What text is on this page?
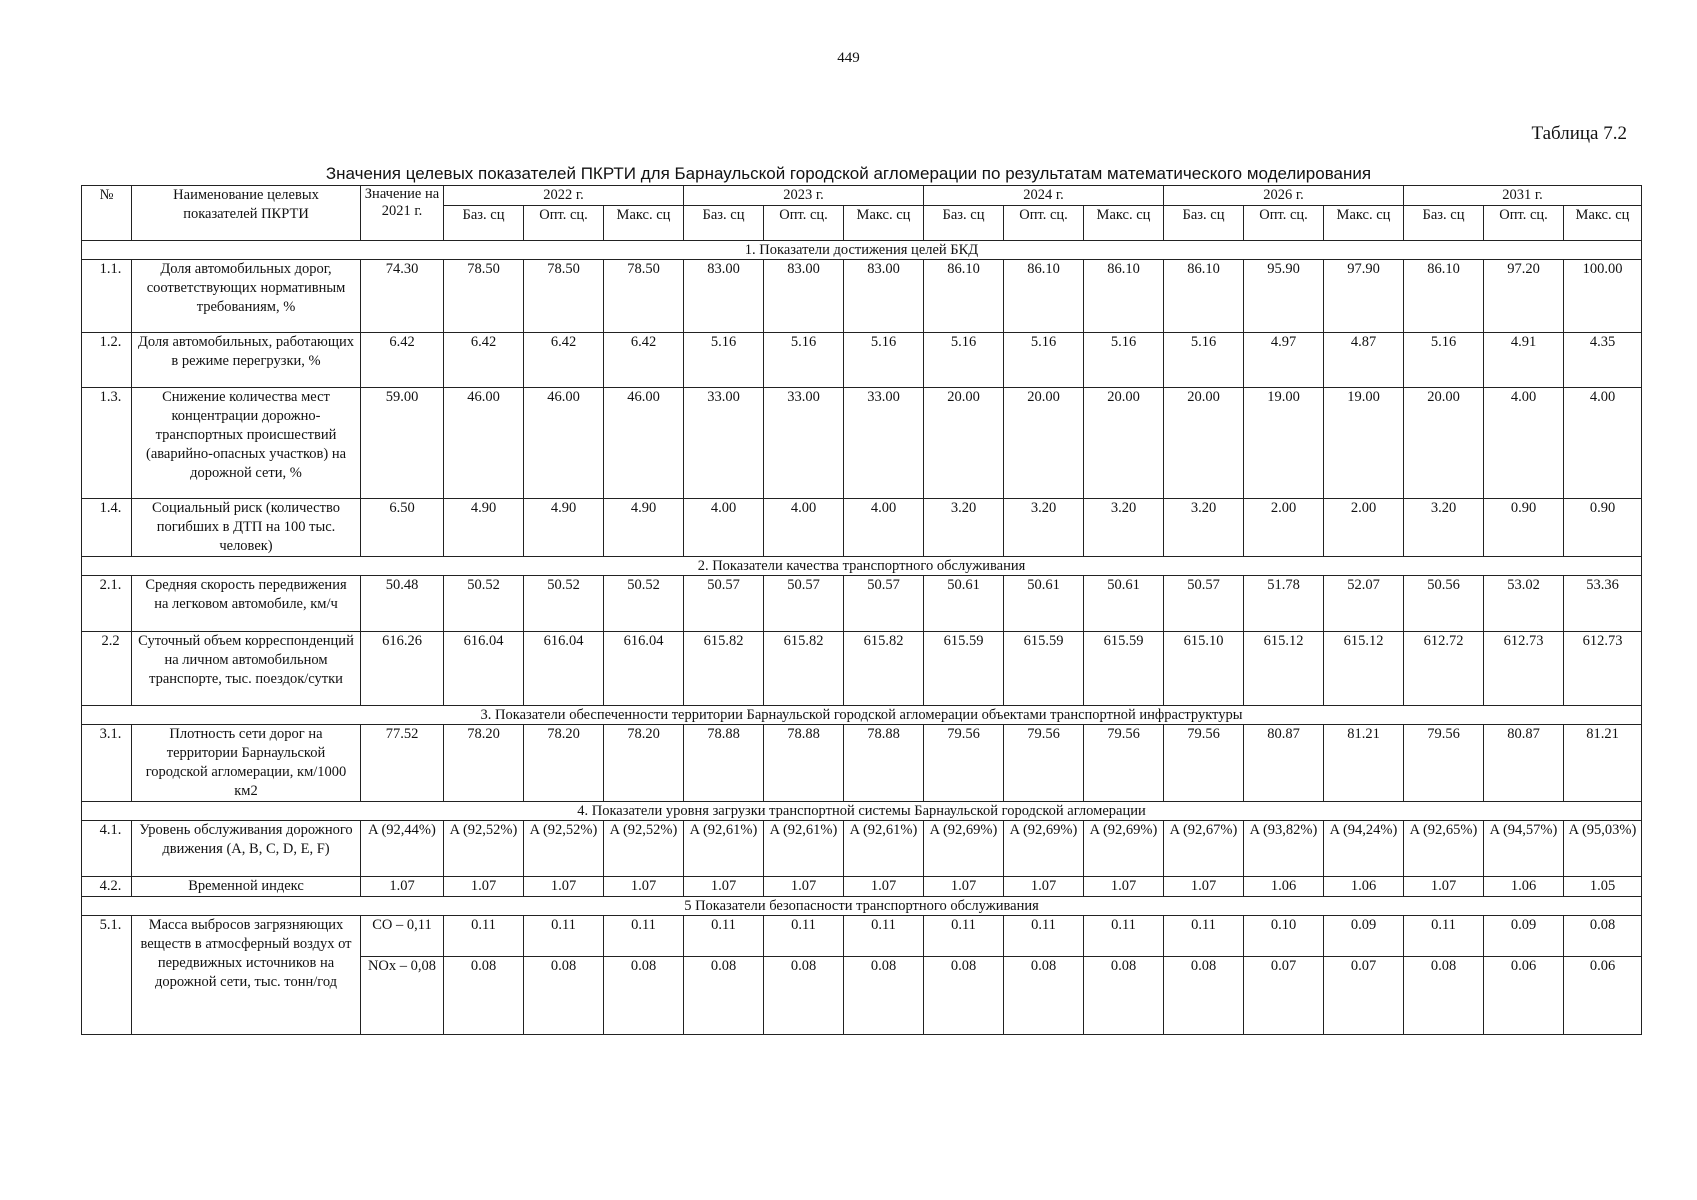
449
Таблица 7.2
Значения целевых показателей ПКРТИ для Барнаульской городской агломерации по результатам математического моделирования
№	Наименование целевых показателей ПКРТИ	Значение на 2021 г.	2022 г.			2023 г.			2024 г.			2026 г.			2031 г.		
			Баз. сц	Опт. сц.	Макс. сц	Баз. сц	Опт. сц.	Макс. сц	Баз. сц	Опт. сц.	Макс. сц	Баз. сц	Опт. сц.	Макс. сц	Баз. сц	Опт. сц.	Макс. сц
1. Показатели достижения целей БКД																	
1.1.	Доля автомобильных дорог, соответствующих нормативным требованиям, %	74.30	78.50	78.50	78.50	83.00	83.00	83.00	86.10	86.10	86.10	86.10	95.90	97.90	86.10	97.20	100.00
1.2.	Доля автомобильных, работающих в режиме перегрузки, %	6.42	6.42	6.42	6.42	5.16	5.16	5.16	5.16	5.16	5.16	5.16	4.97	4.87	5.16	4.91	4.35
1.3.	Снижение количества мест концентрации дорожно-транспортных происшествий (аварийно-опасных участков) на дорожной сети, %	59.00	46.00	46.00	46.00	33.00	33.00	33.00	20.00	20.00	20.00	20.00	19.00	19.00	20.00	4.00	4.00
1.4.	Социальный риск (количество погибших в ДТП на 100 тыс. человек)	6.50	4.90	4.90	4.90	4.00	4.00	4.00	3.20	3.20	3.20	3.20	2.00	2.00	3.20	0.90	0.90
2. Показатели качества транспортного обслуживания																	
2.1.	Средняя скорость передвижения на легковом автомобиле, км/ч	50.48	50.52	50.52	50.52	50.57	50.57	50.57	50.61	50.61	50.61	50.57	51.78	52.07	50.56	53.02	53.36
2.2	Суточный объем корреспонденций на личном автомобильном транспорте, тыс. поездок/сутки	616.26	616.04	616.04	616.04	615.82	615.82	615.82	615.59	615.59	615.59	615.10	615.12	615.12	612.72	612.73	612.73
3. Показатели обеспеченности территории Барнаульской городской агломерации объектами транспортной инфраструктуры																	
3.1.	Плотность сети дорог на территории Барнаульской городской агломерации, км/1000 км2	77.52	78.20	78.20	78.20	78.88	78.88	78.88	79.56	79.56	79.56	79.56	80.87	81.21	79.56	80.87	81.21
4. Показатели уровня загрузки транспортной системы Барнаульской городской агломерации																	
4.1.	Уровень обслуживания дорожного движения (A, B, C, D, E, F)	A (92,44%)	A (92,52%)	A (92,52%)	A (92,52%)	A (92,61%)	A (92,61%)	A (92,61%)	A (92,69%)	A (92,69%)	A (92,69%)	A (92,67%)	A (93,82%)	A (94,24%)	A (92,65%)	A (94,57%)	A (95,03%)
4.2.	Временной индекс	1.07	1.07	1.07	1.07	1.07	1.07	1.07	1.07	1.07	1.07	1.07	1.06	1.06	1.07	1.06	1.05
5 Показатели безопасности транспортного обслуживания																	
5.1.	Масса выбросов загрязняющих веществ в атмосферный воздух от передвижных источников на дорожной сети, тыс. тонн/год	CO – 0,11	0.11	0.11	0.11	0.11	0.11	0.11	0.11	0.11	0.11	0.11	0.10	0.09	0.11	0.09	0.08
		NOx – 0,08	0.08	0.08	0.08	0.08	0.08	0.08	0.08	0.08	0.08	0.08	0.07	0.07	0.08	0.06	0.06
